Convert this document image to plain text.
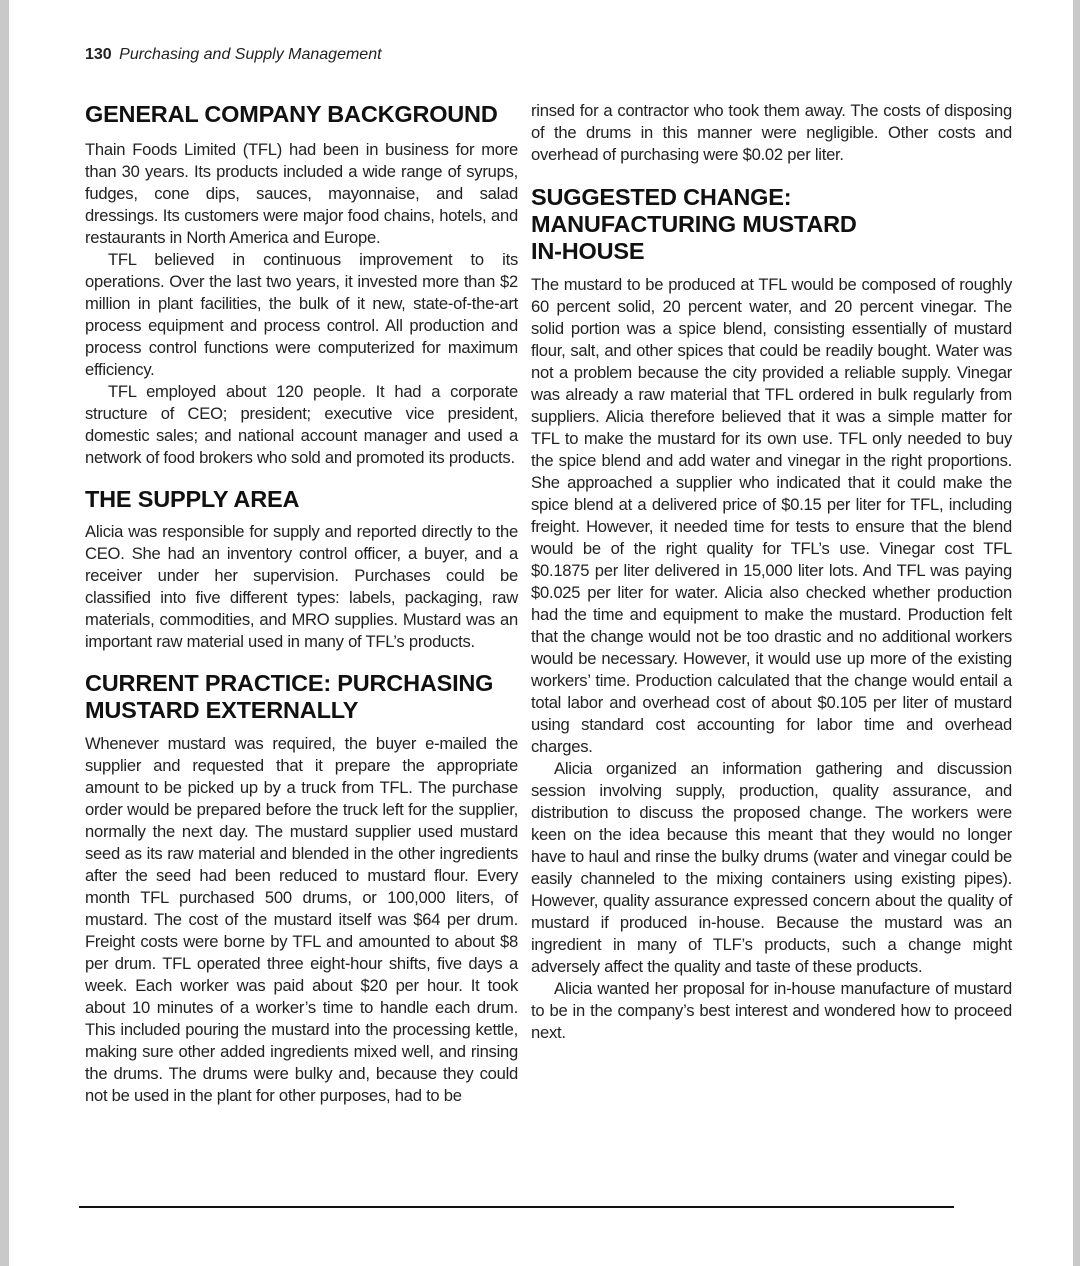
130 Purchasing and Supply Management
GENERAL COMPANY BACKGROUND

Thain Foods Limited (TFL) had been in business for more than 30 years. Its products included a wide range of syrups, fudges, cone dips, sauces, mayonnaise, and salad dressings. Its customers were major food chains, hotels, and restaurants in North America and Europe.

TFL believed in continuous improvement to its operations. Over the last two years, it invested more than $2 million in plant facilities, the bulk of it new, state-of-the-art process equipment and process control. All production and process control functions were computerized for maximum efficiency.

TFL employed about 120 people. It had a corporate structure of CEO; president; executive vice president, domestic sales; and national account manager and used a network of food brokers who sold and promoted its products.

THE SUPPLY AREA

Alicia was responsible for supply and reported directly to the CEO. She had an inventory control officer, a buyer, and a receiver under her supervision. Purchases could be classified into five different types: labels, packaging, raw materials, commodities, and MRO supplies. Mustard was an important raw material used in many of TFL’s products.

CURRENT PRACTICE: PURCHASING
MUSTARD EXTERNALLY

Whenever mustard was required, the buyer e-mailed the supplier and requested that it prepare the appropriate amount to be picked up by a truck from TFL. The purchase order would be prepared before the truck left for the supplier, normally the next day. The mustard supplier used mustard seed as its raw material and blended in the other ingredients after the seed had been reduced to mustard flour. Every month TFL purchased 500 drums, or 100,000 liters, of mustard. The cost of the mustard itself was $64 per drum. Freight costs were borne by TFL and amounted to about $8 per drum. TFL operated three eight-hour shifts, five days a week. Each worker was paid about $20 per hour. It took about 10 minutes of a worker’s time to handle each drum. This included pouring the mustard into the processing kettle, making sure other added ingredients mixed well, and rinsing the drums. The drums were bulky and, because they could not be used in the plant for other purposes, had to be

rinsed for a contractor who took them away. The costs of disposing of the drums in this manner were negligible. Other costs and overhead of purchasing were $0.02 per liter.

SUGGESTED CHANGE:
MANUFACTURING MUSTARD
IN-HOUSE

The mustard to be produced at TFL would be composed of roughly 60 percent solid, 20 percent water, and 20 percent vinegar. The solid portion was a spice blend, consisting essentially of mustard flour, salt, and other spices that could be readily bought. Water was not a problem because the city provided a reliable supply. Vinegar was already a raw material that TFL ordered in bulk regularly from suppliers. Alicia therefore believed that it was a simple matter for TFL to make the mustard for its own use. TFL only needed to buy the spice blend and add water and vinegar in the right proportions. She approached a supplier who indicated that it could make the spice blend at a delivered price of $0.15 per liter for TFL, including freight. However, it needed time for tests to ensure that the blend would be of the right quality for TFL’s use. Vinegar cost TFL $0.1875 per liter delivered in 15,000 liter lots. And TFL was paying $0.025 per liter for water. Alicia also checked whether production had the time and equipment to make the mustard. Production felt that the change would not be too drastic and no additional workers would be necessary. However, it would use up more of the existing workers’ time. Production calculated that the change would entail a total labor and overhead cost of about $0.105 per liter of mustard using standard cost accounting for labor time and overhead charges.

Alicia organized an information gathering and discussion session involving supply, production, quality assurance, and distribution to discuss the proposed change. The workers were keen on the idea because this meant that they would no longer have to haul and rinse the bulky drums (water and vinegar could be easily channeled to the mixing containers using existing pipes). However, quality assurance expressed concern about the quality of mustard if produced in-house. Because the mustard was an ingredient in many of TLF’s products, such a change might adversely affect the quality and taste of these products.

Alicia wanted her proposal for in-house manufacture of mustard to be in the company’s best interest and wondered how to proceed next.
